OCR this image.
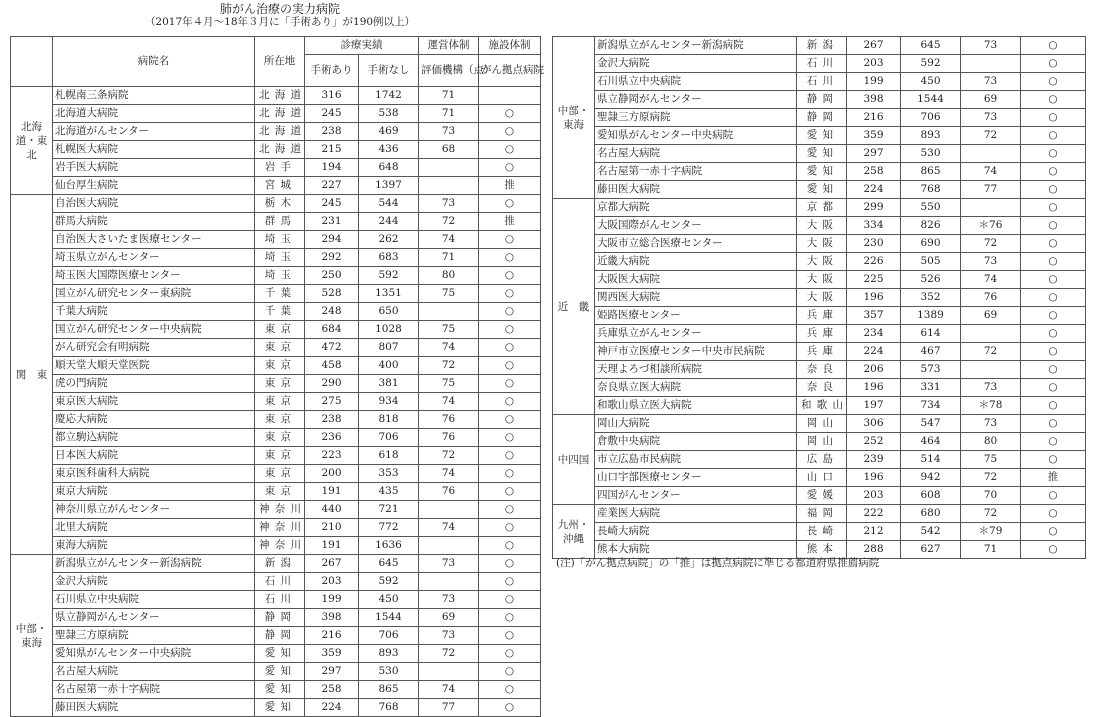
肺がん治療の実力病院
（2017年４月〜18年３月に「手術あり」が190例以上）
	病院名	所在地	診療実績		運営体制	施設体制
			手術あり	手術なし	評価機構（点）	がん拠点病院
北海道・東北	札幌南三条病院	北海道	316	1742	71	
	北海道大病院	北海道	245	538	71	○
	北海道がんセンター	北海道	238	469	73	○
	札幌医大病院	北海道	215	436	68	○
	岩手医大病院	岩手	194	648		○
	仙台厚生病院	宮城	227	1397		推
関　東	自治医大病院	栃木	245	544	73	○
	群馬大病院	群馬	231	244	72	推
	自治医大さいたま医療センター	埼玉	294	262	74	○
	埼玉県立がんセンター	埼玉	292	683	71	○
	埼玉医大国際医療センター	埼玉	250	592	80	○
	国立がん研究センター東病院	千葉	528	1351	75	○
	千葉大病院	千葉	248	650		○
	国立がん研究センター中央病院	東京	684	1028	75	○
	がん研究会有明病院	東京	472	807	74	○
	順天堂大順天堂医院	東京	458	400	72	○
	虎の門病院	東京	290	381	75	○
	東京医大病院	東京	275	934	74	○
	慶応大病院	東京	238	818	76	○
	都立駒込病院	東京	236	706	76	○
	日本医大病院	東京	223	618	72	○
	東京医科歯科大病院	東京	200	353	74	○
	東京大病院	東京	191	435	76	○
	神奈川県立がんセンター	神奈川	440	721		○
	北里大病院	神奈川	210	772	74	○
	東海大病院	神奈川	191	1636		○
中部・東海	新潟県立がんセンター新潟病院	新潟	267	645	73	○
	金沢大病院	石川	203	592		○
	石川県立中央病院	石川	199	450	73	○
	県立静岡がんセンター	静岡	398	1544	69	○
	聖隷三方原病院	静岡	216	706	73	○
	愛知県がんセンター中央病院	愛知	359	893	72	○
	名古屋大病院	愛知	297	530		○
	名古屋第一赤十字病院	愛知	258	865	74	○
	藤田医大病院	愛知	224	768	77	○
中部・東海	新潟県立がんセンター新潟病院	新潟	267	645	73	○
	金沢大病院	石川	203	592		○
	石川県立中央病院	石川	199	450	73	○
	県立静岡がんセンター	静岡	398	1544	69	○
	聖隷三方原病院	静岡	216	706	73	○
	愛知県がんセンター中央病院	愛知	359	893	72	○
	名古屋大病院	愛知	297	530		○
	名古屋第一赤十字病院	愛知	258	865	74	○
	藤田医大病院	愛知	224	768	77	○
近　畿	京都大病院	京都	299	550		○
	大阪国際がんセンター	大阪	334	826	＊76	○
	大阪市立総合医療センター	大阪	230	690	72	○
	近畿大病院	大阪	226	505	73	○
	大阪医大病院	大阪	225	526	74	○
	関西医大病院	大阪	196	352	76	○
	姫路医療センター	兵庫	357	1389	69	○
	兵庫県立がんセンター	兵庫	234	614		○
	神戸市立医療センター中央市民病院	兵庫	224	467	72	○
	天理よろづ相談所病院	奈良	206	573		○
	奈良県立医大病院	奈良	196	331	73	○
	和歌山県立医大病院	和歌山	197	734	＊78	○
中四国	岡山大病院	岡山	306	547	73	○
	倉敷中央病院	岡山	252	464	80	○
	市立広島市民病院	広島	239	514	75	○
	山口宇部医療センター	山口	196	942	72	推
	四国がんセンター	愛媛	203	608	70	○
九州・沖縄	産業医大病院	福岡	222	680	72	○
	長崎大病院	長崎	212	542	＊79	○
	熊本大病院	熊本	288	627	71	○
(注)「がん拠点病院」の「推」は拠点病院に準じる都道府県推薦病院
